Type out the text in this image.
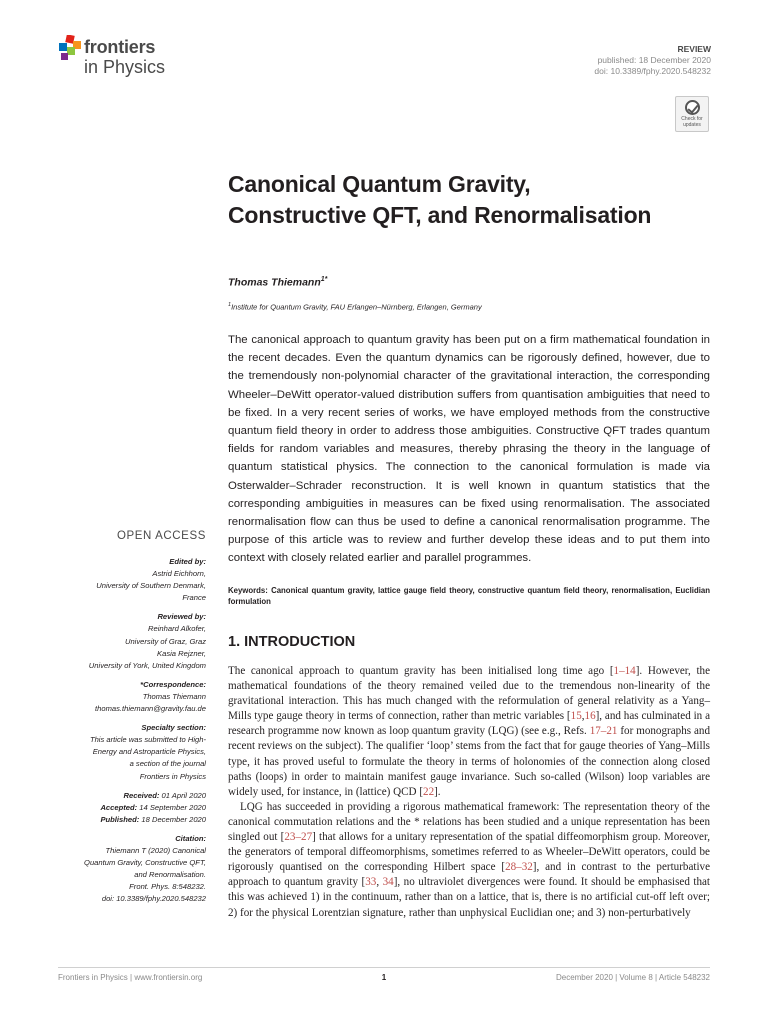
frontiers
in Physics
REVIEW
published: 18 December 2020
doi: 10.3389/fphy.2020.548232
Check for updates
Canonical Quantum Gravity, Constructive QFT, and Renormalisation
Thomas Thiemann$^{1*}$
$^1$Institute for Quantum Gravity, FAU Erlangen–Nürnberg, Erlangen, Germany

The canonical approach to quantum gravity has been put on a firm mathematical foundation in the recent decades. Even the quantum dynamics can be rigorously defined, however, due to the tremendously non-polynomial character of the gravitational interaction, the corresponding Wheeler–DeWitt operator-valued distribution suffers from quantisation ambiguities that need to be fixed. In a very recent series of works, we have employed methods from the constructive quantum field theory in order to address those ambiguities. Constructive QFT trades quantum fields for random variables and measures, thereby phrasing the theory in the language of quantum statistical physics. The connection to the canonical formulation is made via Osterwalder–Schrader reconstruction. It is well known in quantum statistics that the corresponding ambiguities in measures can be fixed using renormalisation. The associated renormalisation flow can thus be used to define a canonical renormalisation programme. The purpose of this article was to review and further develop these ideas and to put them into context with closely related earlier and parallel programmes.

Keywords: Canonical quantum gravity, lattice gauge field theory, constructive quantum field theory, renormalisation, Euclidian formulation

OPEN ACCESS
Edited by:
Astrid Eichhorn,
University of Southern Denmark,
France
Reviewed by:
Reinhard Alkofer,
University of Graz, Graz
Kasia Rejzner,
University of York, United Kingdom
*Correspondence:
Thomas Thiemann
thomas.thiemann@gravity.fau.de
Specialty section:
This article was submitted to High-
Energy and Astroparticle Physics,
a section of the journal
Frontiers in Physics
Received: 01 April 2020
Accepted: 14 September 2020
Published: 18 December 2020
Citation:
Thiemann T (2020) Canonical
Quantum Gravity, Constructive QFT,
and Renormalisation.
Front. Phys. 8:548232.
doi: 10.3389/fphy.2020.548232
1. INTRODUCTION

The canonical approach to quantum gravity has been initialised long time ago [1–14]. However, the mathematical foundations of the theory remained veiled due to the tremendous non-linearity of the gravitational interaction. This has much changed with the reformulation of general relativity as a Yang–Mills type gauge theory in terms of connection, rather than metric variables [15,16], and has culminated in a research programme now known as loop quantum gravity (LQG) (see e.g., Refs. 17–21 for monographs and recent reviews on the subject). The qualifier ‘loop’ stems from the fact that for gauge theories of Yang–Mills type, it has proved useful to formulate the theory in terms of holonomies of the connection along closed paths (loops) in order to maintain manifest gauge invariance. Such so-called (Wilson) loop variables are widely used, for instance, in (lattice) QCD [22].

LQG has succeeded in providing a rigorous mathematical framework: The representation theory of the canonical commutation relations and the * relations has been studied and a unique representation has been singled out [23–27] that allows for a unitary representation of the spatial diffeomorphism group. Moreover, the generators of temporal diffeomorphisms, sometimes referred to as Wheeler–DeWitt operators, could be rigorously quantised on the corresponding Hilbert space [28–32], and in contrast to the perturbative approach to quantum gravity [33, 34], no ultraviolet divergences were found. It should be emphasised that this was achieved 1) in the continuum, rather than on a lattice, that is, there is no artificial cut-off left over; 2) for the physical Lorentzian signature, rather than unphysical Euclidian one; and 3) non-perturbatively

Frontiers in Physics | www.frontiersin.org	1	December 2020 | Volume 8 | Article 548232
